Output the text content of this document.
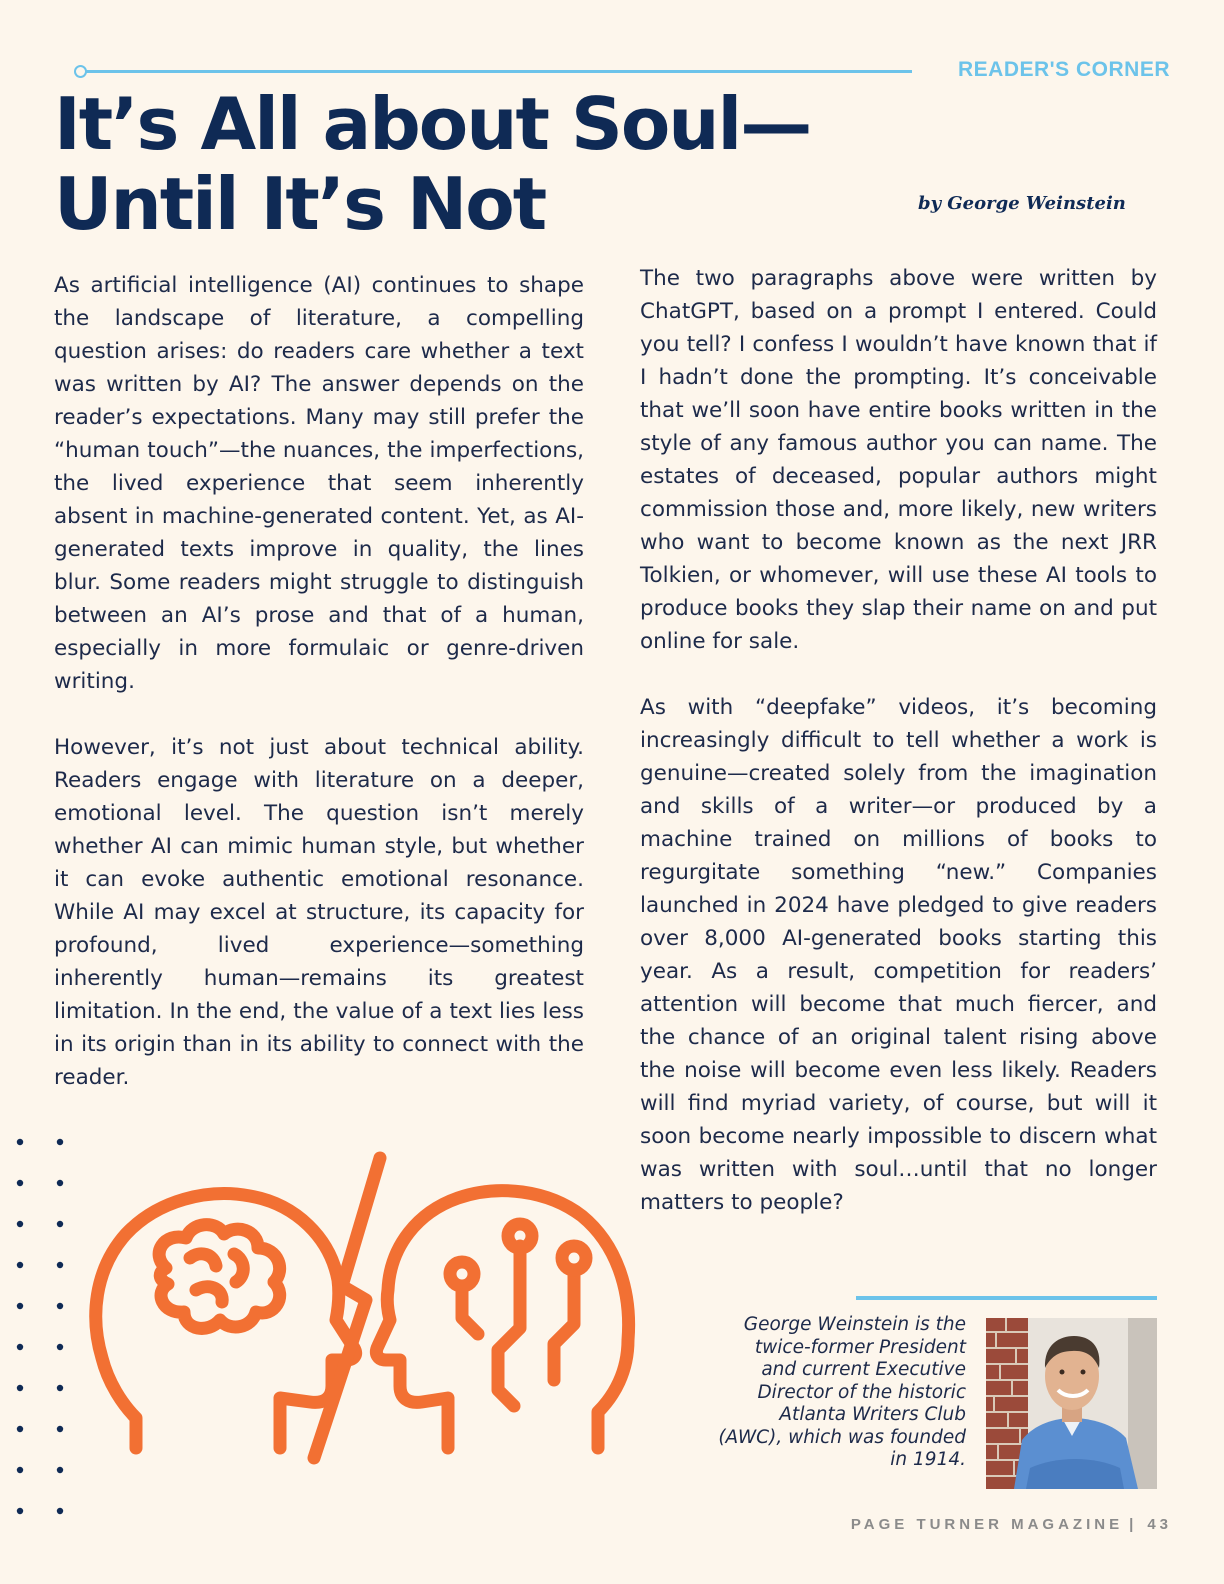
READER'S CORNER
It’s All about Soul—
Until It’s Not	by George Weinstein

As artificial intelligence (AI) continues to shape the landscape of literature, a compelling question arises: do readers care whether a text was written by AI? The answer depends on the reader’s expectations. Many may still prefer the “human touch”—the nuances, the imperfections, the lived experience that seem inherently absent in machine-generated content. Yet, as AI-generated texts improve in quality, the lines blur. Some readers might struggle to distinguish between an AI’s prose and that of a human, especially in more formulaic or genre-driven writing.

However, it’s not just about technical ability. Readers engage with literature on a deeper, emotional level. The question isn’t merely whether AI can mimic human style, but whether it can evoke authentic emotional resonance. While AI may excel at structure, its capacity for profound, lived experience—something inherently human—remains its greatest limitation. In the end, the value of a text lies less in its origin than in its ability to connect with the reader.

The two paragraphs above were written by ChatGPT, based on a prompt I entered. Could you tell? I confess I wouldn’t have known that if I hadn’t done the prompting. It’s conceivable that we’ll soon have entire books written in the style of any famous author you can name. The estates of deceased, popular authors might commission those and, more likely, new writers who want to become known as the next JRR Tolkien, or whomever, will use these AI tools to produce books they slap their name on and put online for sale.

As with “deepfake” videos, it’s becoming increasingly difficult to tell whether a work is genuine—created solely from the imagination and skills of a writer—or produced by a machine trained on millions of books to regurgitate something “new.” Companies launched in 2024 have pledged to give readers over 8,000 AI-generated books starting this year. As a result, competition for readers’ attention will become that much fiercer, and the chance of an original talent rising above the noise will become even less likely. Readers will find myriad variety, of course, but will it soon become nearly impossible to discern what was written with soul…until that no longer matters to people?

George Weinstein is the
twice-former President
and current Executive
Director of the historic
Atlanta Writers Club
(AWC), which was founded
in 1914.
PAGE TURNER MAGAZINE | 43
